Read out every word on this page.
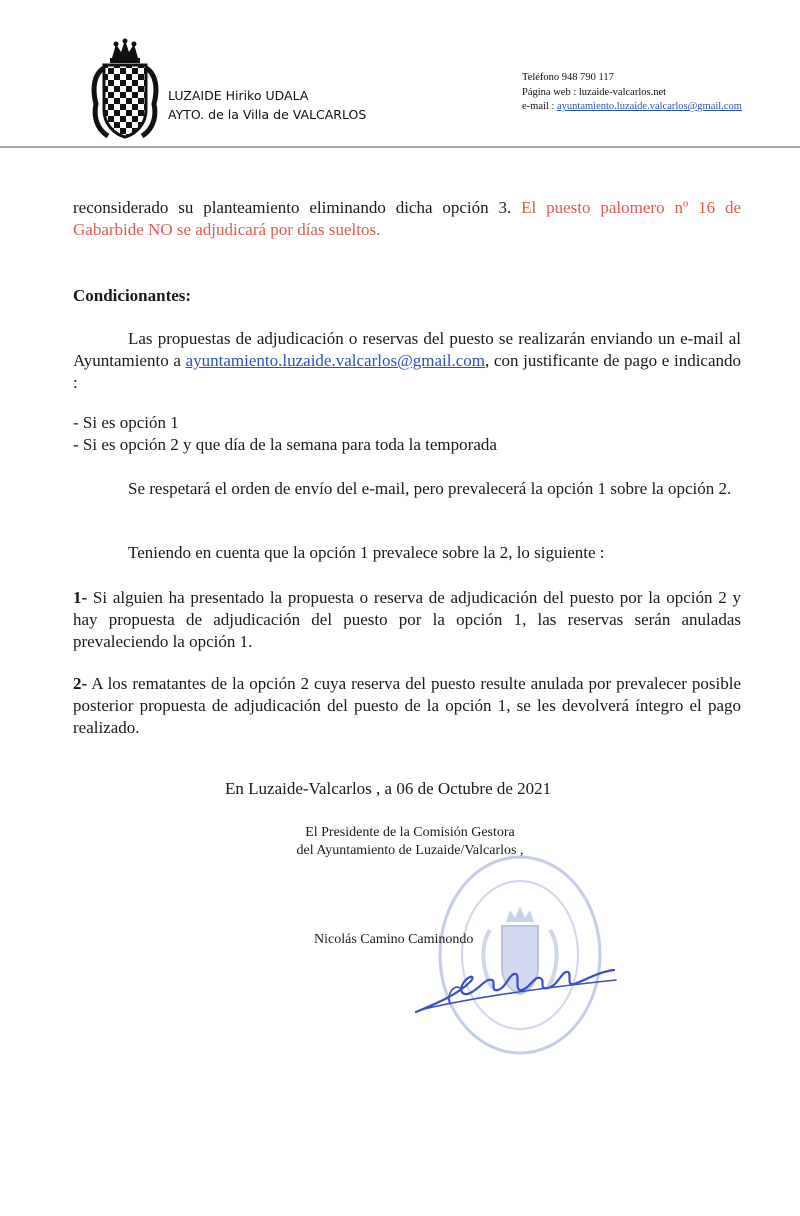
LUZAIDE Hiriko UDALA
AYTO. de la Villa de VALCARLOS
Teléfono 948 790 117
Página web : luzaide-valcarlos.net
e-mail : ayuntamiento.luzaide.valcarlos@gmail.com
reconsiderado su planteamiento eliminando dicha opción 3. El puesto palomero nº 16 de Gabarbide NO se adjudicará por días sueltos.
Condicionantes:
Las propuestas de adjudicación o reservas del puesto se realizarán enviando un e-mail al Ayuntamiento a ayuntamiento.luzaide.valcarlos@gmail.com, con justificante de pago e indicando :
- Si es opción 1
- Si es opción 2 y que día de la semana para toda la temporada
Se respetará el orden de envío del e-mail, pero prevalecerá la opción 1 sobre la opción 2.
Teniendo en cuenta que la opción 1 prevalece sobre la 2, lo siguiente :
1- Si alguien ha presentado la propuesta o reserva de adjudicación del puesto por la opción 2 y hay propuesta de adjudicación del puesto por la opción 1, las reservas serán anuladas prevaleciendo la opción 1.
2- A los rematantes de la opción 2 cuya reserva del puesto resulte anulada por prevalecer posible posterior propuesta de adjudicación del puesto de la opción 1, se les devolverá íntegro el pago realizado.
En Luzaide-Valcarlos , a 06 de Octubre de 2021
El Presidente de la Comisión Gestora
del Ayuntamiento de Luzaide/Valcarlos ,
Nicolás Camino Caminondo
